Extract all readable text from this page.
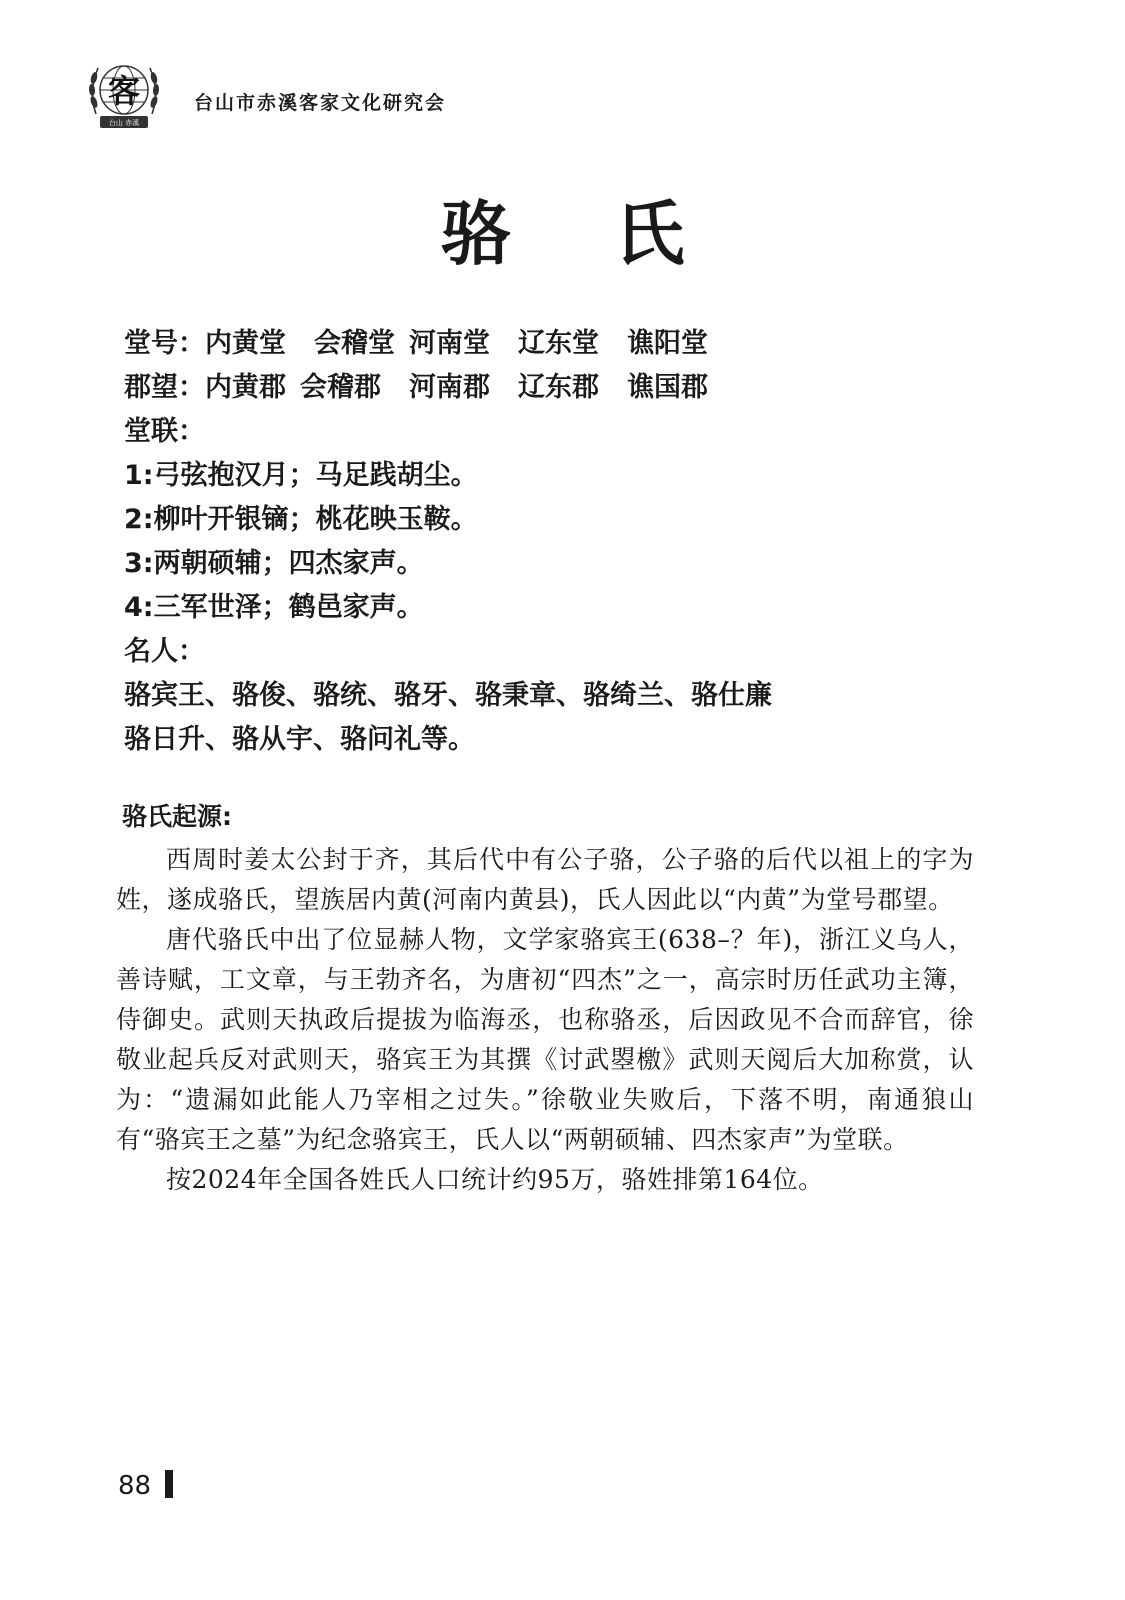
客
台山 赤溪
台山市赤溪客家文化研究会
骆 氏
堂号：内黄堂 会稽堂 河南堂 辽东堂 谯阳堂
郡望：内黄郡 会稽郡 河南郡 辽东郡 谯国郡
堂联：
1:弓弦抱汉月；马足践胡尘。
2:柳叶开银镝；桃花映玉鞍。
3:两朝硕辅；四杰家声。
4:三军世泽；鹤邑家声。
名人：
骆宾王、骆俊、骆统、骆牙、骆秉章、骆绮兰、骆仕廉
骆日升、骆从宇、骆问礼等。
骆氏起源:

西周时姜太公封于齐，其后代中有公子骆，公子骆的后代以祖上的字为姓，遂成骆氏，望族居内黄(河南内黄县)，氏人因此以“内黄”为堂号郡望。

唐代骆氏中出了位显赫人物，文学家骆宾王(638–？年)，浙江义乌人，善诗赋，工文章，与王勃齐名，为唐初“四杰”之一，高宗时历任武功主簿，侍御史。武则天执政后提拔为临海丞，也称骆丞，后因政见不合而辞官，徐敬业起兵反对武则天，骆宾王为其撰《讨武曌檄》武则天阅后大加称赏，认为：“遗漏如此能人乃宰相之过失。”徐敬业失败后，下落不明，南通狼山有“骆宾王之墓”为纪念骆宾王，氏人以“两朝硕辅、四杰家声”为堂联。

按2024年全国各姓氏人口统计约95万，骆姓排第164位。

88
